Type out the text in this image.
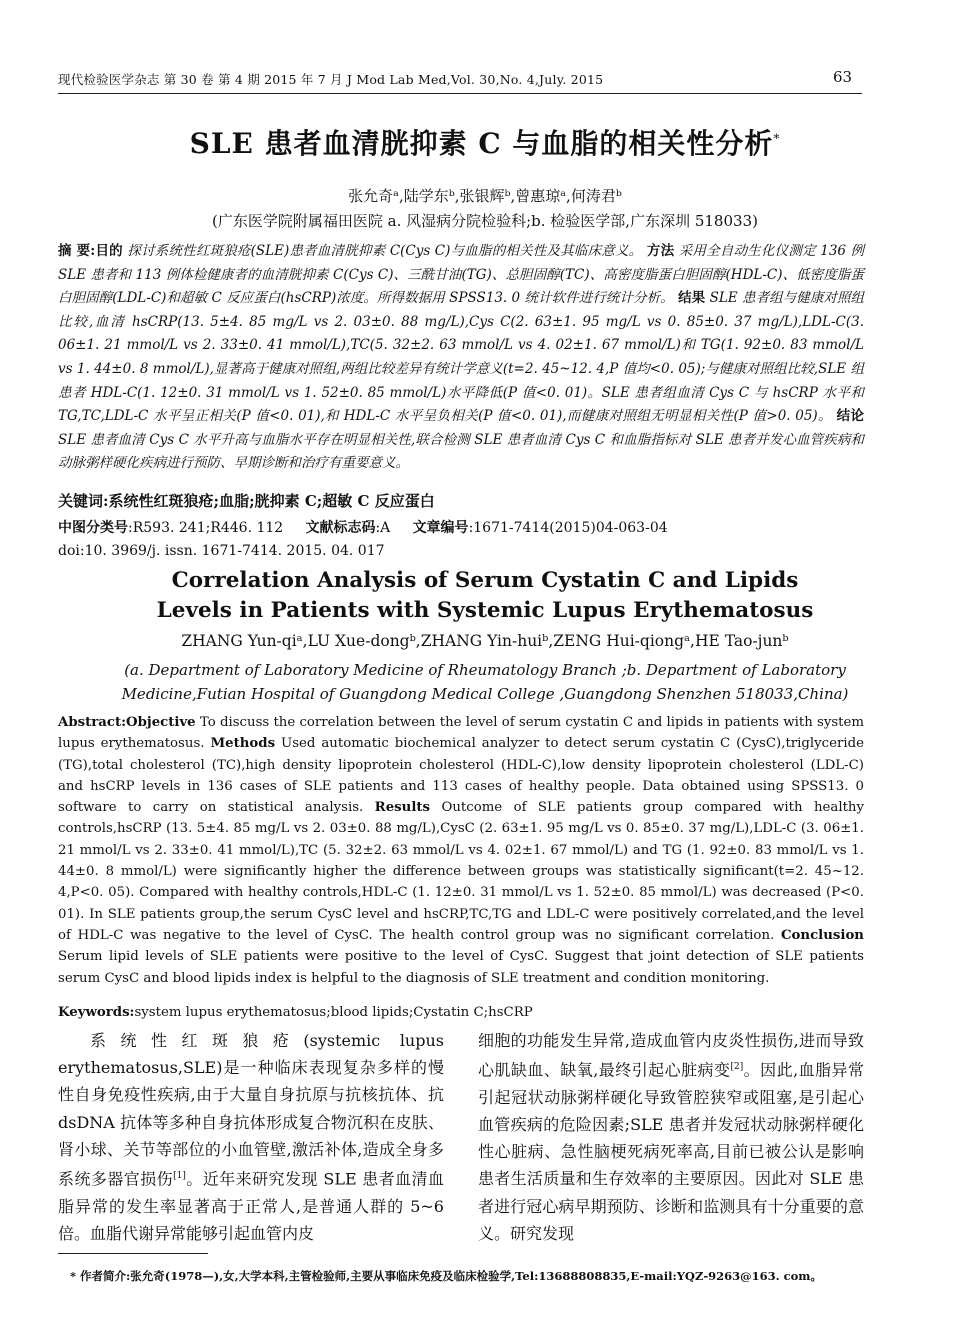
现代检验医学杂志 第 30 卷 第 4 期 2015 年 7 月 J Mod Lab Med,Vol. 30,No. 4,July. 2015	63
SLE 患者血清胱抑素 C 与血脂的相关性分析*
张允奇ᵃ,陆学东ᵇ,张银辉ᵇ,曾惠琼ᵃ,何涛君ᵇ
(广东医学院附属福田医院 a. 风湿病分院检验科;b. 检验医学部,广东深圳 518033)
摘 要:目的 探讨系统性红斑狼疮(SLE)患者血清胱抑素 C(Cys C)与血脂的相关性及其临床意义。 方法 采用全自动生化仪测定 136 例 SLE 患者和 113 例体检健康者的血清胱抑素 C(Cys C)、三酰甘油(TG)、总胆固醇(TC)、高密度脂蛋白胆固醇(HDL-C)、低密度脂蛋白胆固醇(LDL-C)和超敏 C 反应蛋白(hsCRP)浓度。所得数据用 SPSS13. 0 统计软件进行统计分析。 结果 SLE 患者组与健康对照组比较,血清 hsCRP(13. 5±4. 85 mg/L vs 2. 03±0. 88 mg/L),Cys C(2. 63±1. 95 mg/L vs 0. 85±0. 37 mg/L),LDL-C(3. 06±1. 21 mmol/L vs 2. 33±0. 41 mmol/L),TC(5. 32±2. 63 mmol/L vs 4. 02±1. 67 mmol/L)和 TG(1. 92±0. 83 mmol/L vs 1. 44±0. 8 mmol/L),显著高于健康对照组,两组比较差异有统计学意义(t=2. 45~12. 4,P 值均<0. 05);与健康对照组比较,SLE 组患者 HDL-C(1. 12±0. 31 mmol/L vs 1. 52±0. 85 mmol/L)水平降低(P 值<0. 01)。SLE 患者组血清 Cys C 与 hsCRP 水平和 TG,TC,LDL-C 水平呈正相关(P 值<0. 01),和 HDL-C 水平呈负相关(P 值<0. 01),而健康对照组无明显相关性(P 值>0. 05)。 结论 SLE 患者血清 Cys C 水平升高与血脂水平存在明显相关性,联合检测 SLE 患者血清 Cys C 和血脂指标对 SLE 患者并发心血管疾病和动脉粥样硬化疾病进行预防、早期诊断和治疗有重要意义。
关键词:系统性红斑狼疮;血脂;胱抑素 C;超敏 C 反应蛋白
中图分类号:R593. 241;R446. 112 文献标志码:A 文章编号:1671-7414(2015)04-063-04
doi:10. 3969/j. issn. 1671-7414. 2015. 04. 017
Correlation Analysis of Serum Cystatin C and Lipids
Levels in Patients with Systemic Lupus Erythematosus
ZHANG Yun-qiᵃ,LU Xue-dongᵇ,ZHANG Yin-huiᵇ,ZENG Hui-qiongᵃ,HE Tao-junᵇ
(a. Department of Laboratory Medicine of Rheumatology Branch ;b. Department of Laboratory
Medicine,Futian Hospital of Guangdong Medical College ,Guangdong Shenzhen 518033,China)
Abstract:Objective To discuss the correlation between the level of serum cystatin C and lipids in patients with system lupus erythematosus. Methods Used automatic biochemical analyzer to detect serum cystatin C (CysC),triglyceride (TG),total cholesterol (TC),high density lipoprotein cholesterol (HDL-C),low density lipoprotein cholesterol (LDL-C) and hsCRP levels in 136 cases of SLE patients and 113 cases of healthy people. Data obtained using SPSS13. 0 software to carry on statistical analysis. Results Outcome of SLE patients group compared with healthy controls,hsCRP (13. 5±4. 85 mg/L vs 2. 03±0. 88 mg/L),CysC (2. 63±1. 95 mg/L vs 0. 85±0. 37 mg/L),LDL-C (3. 06±1. 21 mmol/L vs 2. 33±0. 41 mmol/L),TC (5. 32±2. 63 mmol/L vs 4. 02±1. 67 mmol/L) and TG (1. 92±0. 83 mmol/L vs 1. 44±0. 8 mmol/L) were significantly higher the difference between groups was statistically significant(t=2. 45~12. 4,P<0. 05). Compared with healthy controls,HDL-C (1. 12±0. 31 mmol/L vs 1. 52±0. 85 mmol/L) was decreased (P<0. 01). In SLE patients group,the serum CysC level and hsCRP,TC,TG and LDL-C were positively correlated,and the level of HDL-C was negative to the level of CysC. The health control group was no significant correlation. Conclusion Serum lipid levels of SLE patients were positive to the level of CysC. Suggest that joint detection of SLE patients serum CysC and blood lipids index is helpful to the diagnosis of SLE treatment and condition monitoring.
Keywords:system lupus erythematosus;blood lipids;Cystatin C;hsCRP
系统性红斑狼疮(systemic lupus erythematosus,SLE)是一种临床表现复杂多样的慢性自身免疫性疾病,由于大量自身抗原与抗核抗体、抗 dsDNA 抗体等多种自身抗体形成复合物沉积在皮肤、肾小球、关节等部位的小血管壁,激活补体,造成全身多系统多器官损伤[1]。近年来研究发现 SLE 患者血清血脂异常的发生率显著高于正常人,是普通人群的 5~6 倍。血脂代谢异常能够引起血管内皮
细胞的功能发生异常,造成血管内皮炎性损伤,进而导致心肌缺血、缺氧,最终引起心脏病变[2]。因此,血脂异常引起冠状动脉粥样硬化导致管腔狭窄或阻塞,是引起心血管疾病的危险因素;SLE 患者并发冠状动脉粥样硬化性心脏病、急性脑梗死病死率高,目前已被公认是影响患者生活质量和生存效率的主要原因。因此对 SLE 患者进行冠心病早期预防、诊断和监测具有十分重要的意义。研究发现
* 作者简介:张允奇(1978—),女,大学本科,主管检验师,主要从事临床免疫及临床检验学,Tel:13688808835,E-mail:YQZ-9263@163. com。
